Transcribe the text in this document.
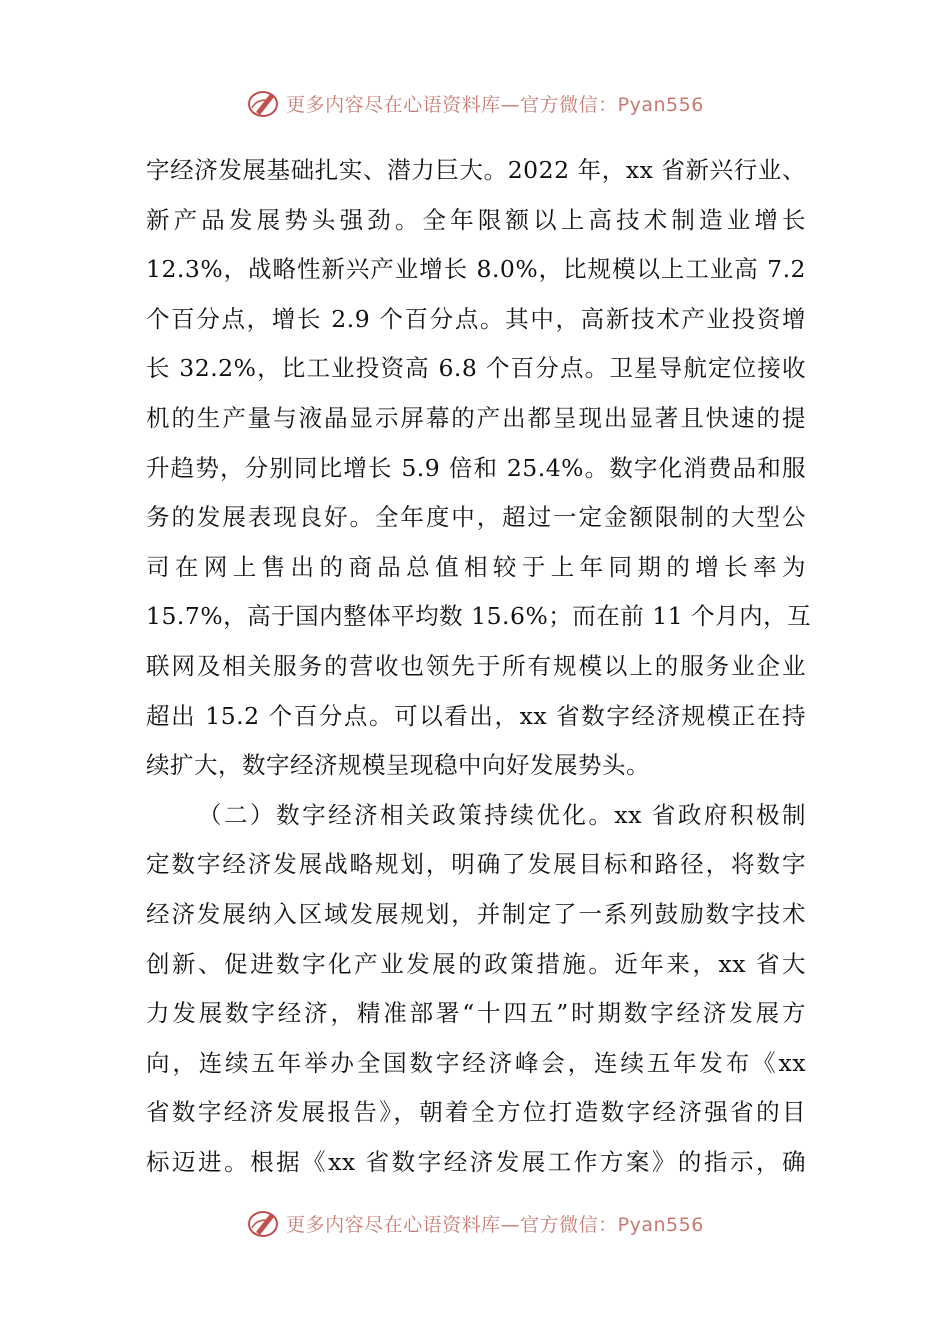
更多内容尽在心语资料库—官方微信：Pyan556
字经济发展基础扎实、潜力巨大。2022 年，xx 省新兴行业、
新产品发展势头强劲。全年限额以上高技术制造业增长
12.3%，战略性新兴产业增长 8.0%，比规模以上工业高 7.2
个百分点，增长 2.9 个百分点。其中，高新技术产业投资增
长 32.2%，比工业投资高 6.8 个百分点。卫星导航定位接收
机的生产量与液晶显示屏幕的产出都呈现出显著且快速的提
升趋势，分别同比增长 5.9 倍和 25.4%。数字化消费品和服
务的发展表现良好。全年度中，超过一定金额限制的大型公
司在网上售出的商品总值相较于上年同期的增长率为
15.7%，高于国内整体平均数 15.6%；而在前 11 个月内，互
联网及相关服务的营收也领先于所有规模以上的服务业企业
超出 15.2 个百分点。可以看出，xx 省数字经济规模正在持
续扩大，数字经济规模呈现稳中向好发展势头。
（二）数字经济相关政策持续优化。xx 省政府积极制
定数字经济发展战略规划，明确了发展目标和路径，将数字
经济发展纳入区域发展规划，并制定了一系列鼓励数字技术
创新、促进数字化产业发展的政策措施。近年来，xx 省大
力发展数字经济，精准部署“十四五”时期数字经济发展方
向，连续五年举办全国数字经济峰会，连续五年发布《xx
省数字经济发展报告》，朝着全方位打造数字经济强省的目
标迈进。根据《xx 省数字经济发展工作方案》的指示，确
更多内容尽在心语资料库—官方微信：Pyan556
